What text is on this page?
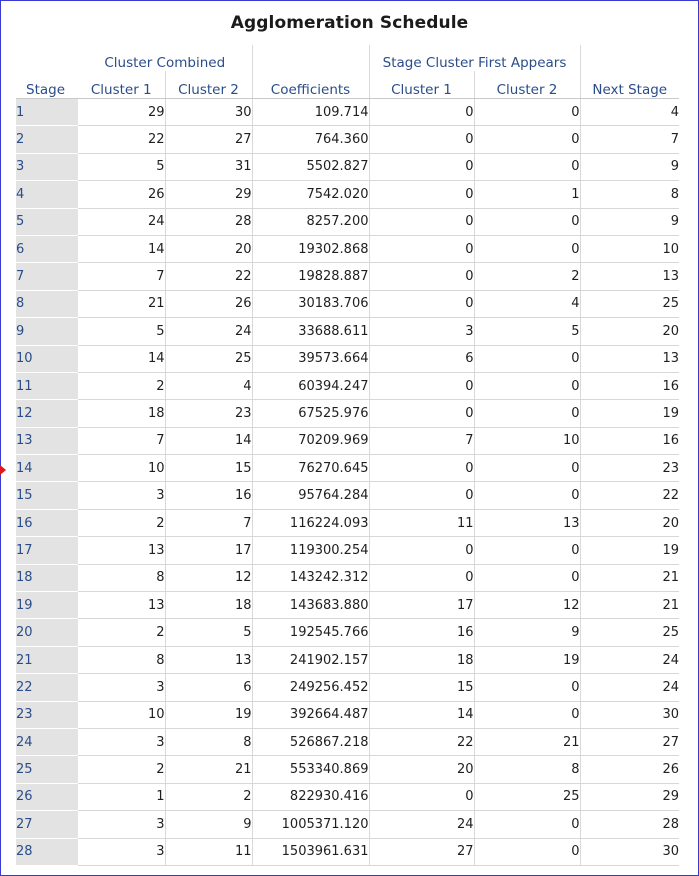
Agglomeration Schedule
	Cluster Combined			Stage Cluster First Appears		
Stage	Cluster 1	Cluster 2	Coefficients	Cluster 1	Cluster 2	Next Stage
1	29	30	109.714	0	0	4
2	22	27	764.360	0	0	7
3	5	31	5502.827	0	0	9
4	26	29	7542.020	0	1	8
5	24	28	8257.200	0	0	9
6	14	20	19302.868	0	0	10
7	7	22	19828.887	0	2	13
8	21	26	30183.706	0	4	25
9	5	24	33688.611	3	5	20
10	14	25	39573.664	6	0	13
11	2	4	60394.247	0	0	16
12	18	23	67525.976	0	0	19
13	7	14	70209.969	7	10	16
14	10	15	76270.645	0	0	23
15	3	16	95764.284	0	0	22
16	2	7	116224.093	11	13	20
17	13	17	119300.254	0	0	19
18	8	12	143242.312	0	0	21
19	13	18	143683.880	17	12	21
20	2	5	192545.766	16	9	25
21	8	13	241902.157	18	19	24
22	3	6	249256.452	15	0	24
23	10	19	392664.487	14	0	30
24	3	8	526867.218	22	21	27
25	2	21	553340.869	20	8	26
26	1	2	822930.416	0	25	29
27	3	9	1005371.120	24	0	28
28	3	11	1503961.631	27	0	30
